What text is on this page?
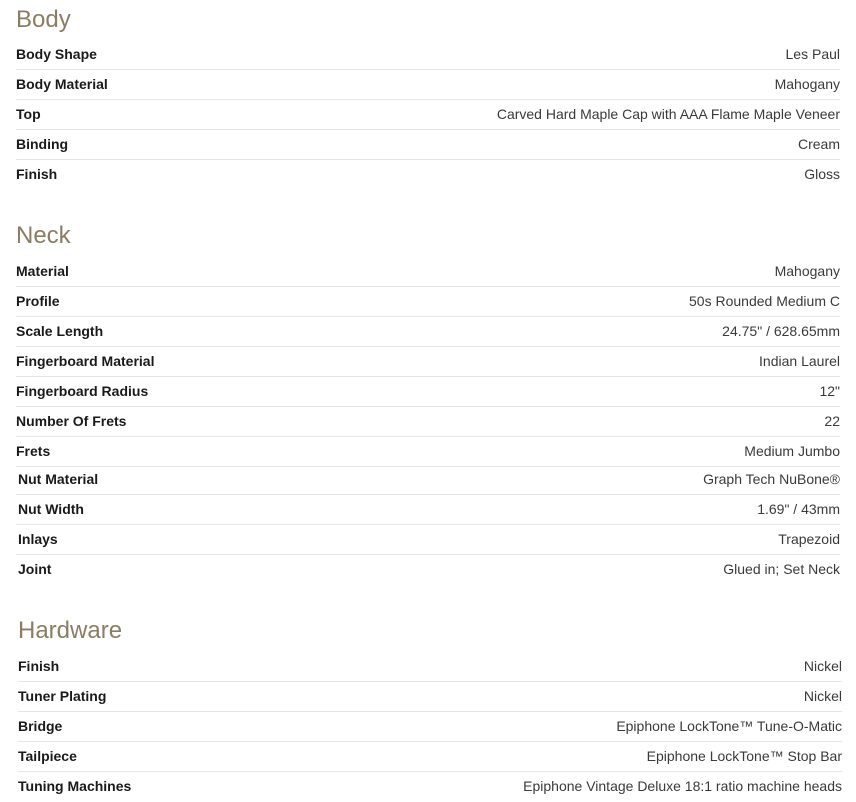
Body
Body Shape	Les Paul
Body Material	Mahogany
Top	Carved Hard Maple Cap with AAA Flame Maple Veneer
Binding	Cream
Finish	Gloss
Neck
Material	Mahogany
Profile	50s Rounded Medium C
Scale Length	24.75" / 628.65mm
Fingerboard Material	Indian Laurel
Fingerboard Radius	12"
Number Of Frets	22
Frets	Medium Jumbo
Nut Material	Graph Tech NuBone®
Nut Width	1.69" / 43mm
Inlays	Trapezoid
Joint	Glued in; Set Neck
Hardware
Finish	Nickel
Tuner Plating	Nickel
Bridge	Epiphone LockTone™ Tune-O-Matic
Tailpiece	Epiphone LockTone™ Stop Bar
Tuning Machines	Epiphone Vintage Deluxe 18:1 ratio machine heads
